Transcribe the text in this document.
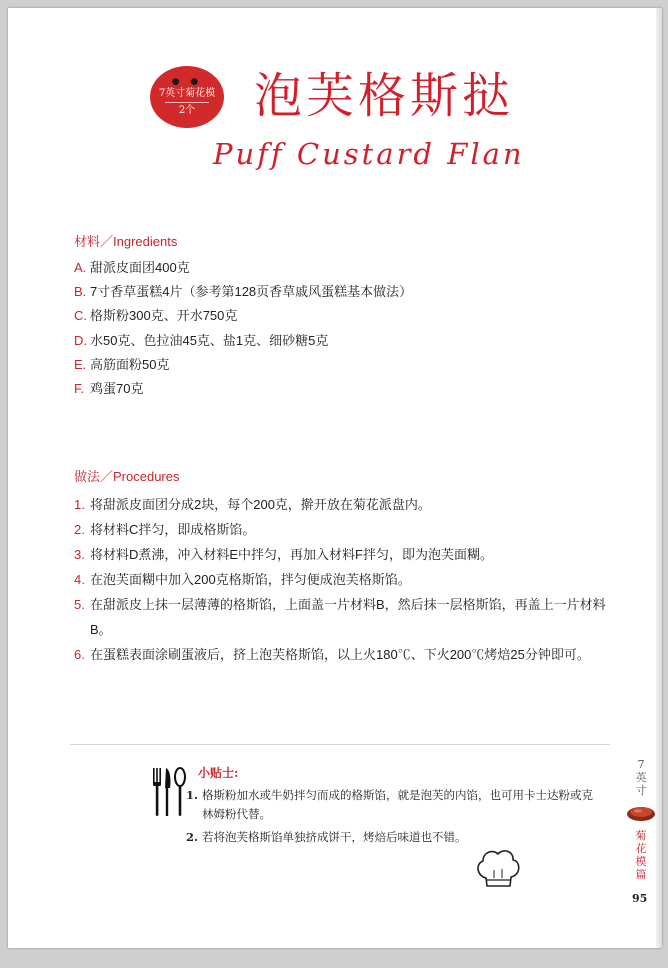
● ●
7英寸菊花模
2个 泡芙格斯挞
Puff Custard Flan
材料／Ingredients
A. 甜派皮面团400克
B. 7寸香草蛋糕4片（参考第128页香草戚风蛋糕基本做法）
C. 格斯粉300克、开水750克
D. 水50克、色拉油45克、盐1克、细砂糖5克
E. 高筋面粉50克
F. 鸡蛋70克
做法／Procedures
1. 将甜派皮面团分成2块，每个200克，擀开放在菊花派盘内。
2. 将材料C拌匀，即成格斯馅。
3. 将材料D煮沸，冲入材料E中拌匀，再加入材料F拌匀，即为泡芙面糊。
4. 在泡芙面糊中加入200克格斯馅，拌匀便成泡芙格斯馅。
5. 在甜派皮上抹一层薄薄的格斯馅，上面盖一片材料B，然后抹一层格斯馅，再盖上一片材料B。
6. 在蛋糕表面涂刷蛋液后，挤上泡芙格斯馅，以上火180℃、下火200℃烤焙25分钟即可。
小贴士:
1. 格斯粉加水或牛奶拌匀而成的格斯馅，就是泡芙的内馅，也可用卡士达粉或克林姆粉代替。
2. 若将泡芙格斯馅单独挤成饼干，烤焙后味道也不错。
7
英
寸
菊
花
模
篇
95
